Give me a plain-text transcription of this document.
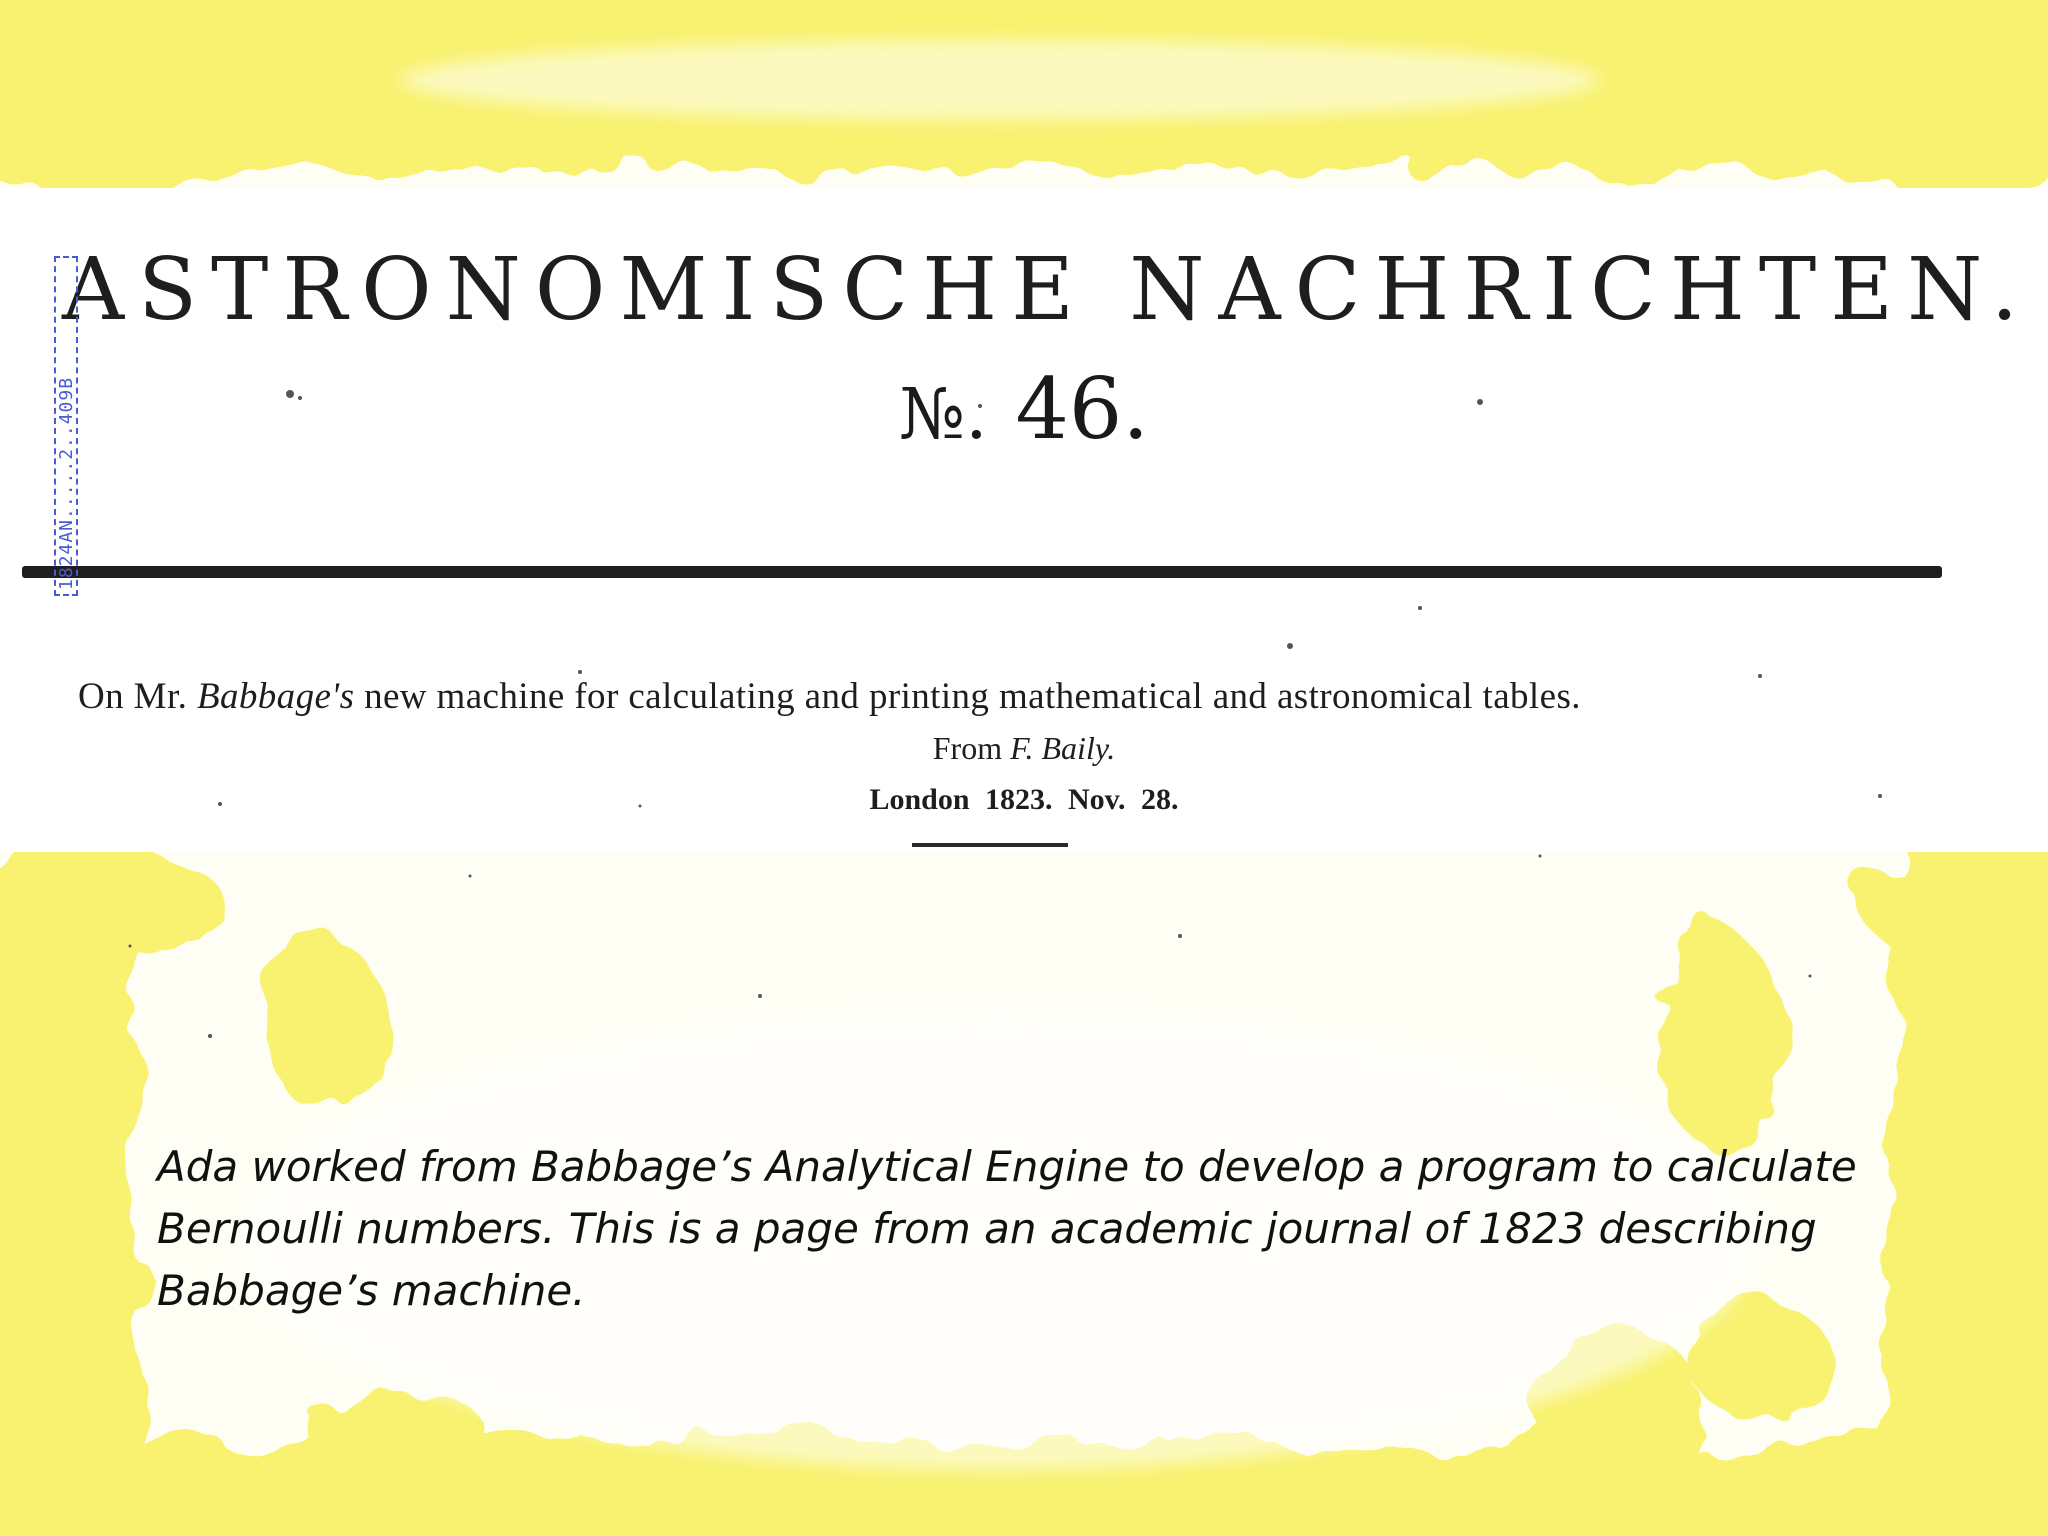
ASTRONOMISCHE NACHRICHTEN.
№. 46.
1824AN.....2..409B
On Mr. Babbage's new machine for calculating and printing mathematical and astronomical tables.
From F. Baily.
London 1823. Nov. 28.
Ada worked from Babbage’s Analytical Engine to develop a program to calculate Bernoulli numbers. This is a page from an academic journal of 1823 describing Babbage’s machine.
